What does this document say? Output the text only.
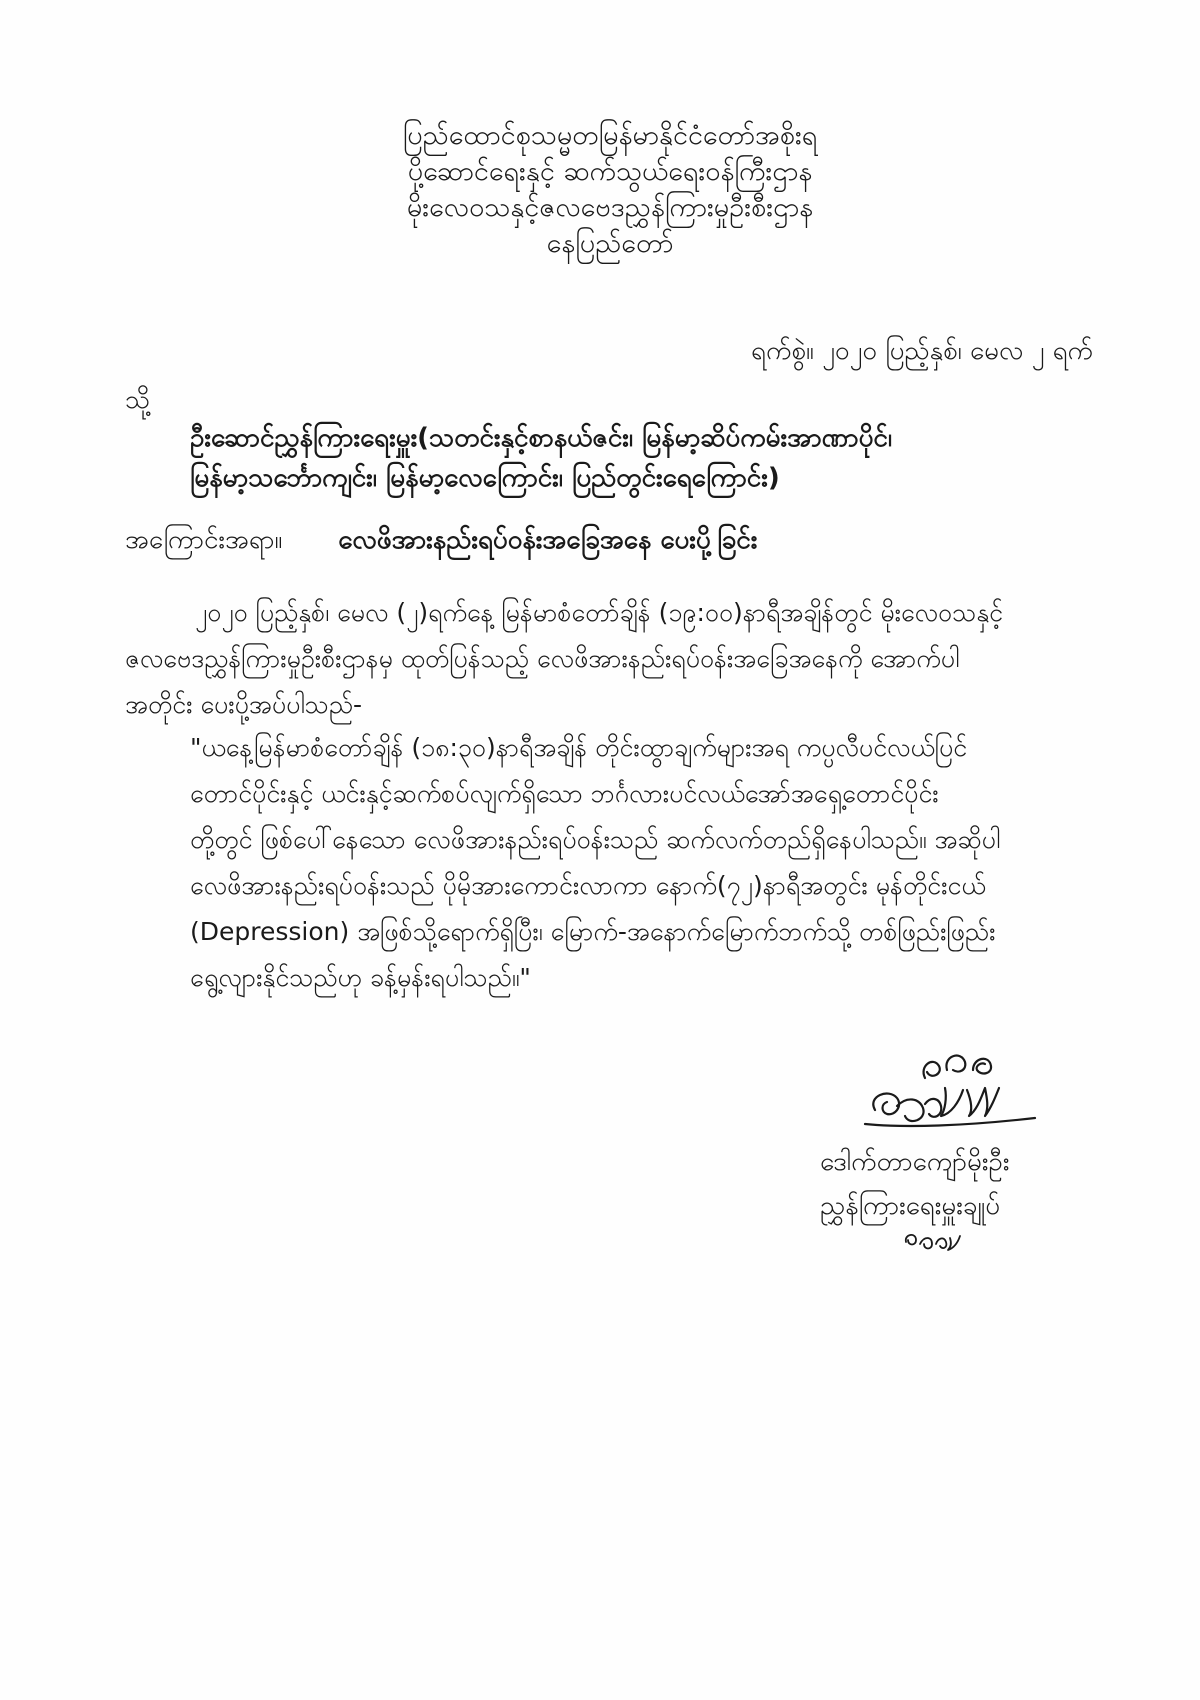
ပြည်ထောင်စုသမ္မတမြန်မာနိုင်ငံတော်အစိုးရ
ပို့ဆောင်ရေးနှင့် ဆက်သွယ်ရေးဝန်ကြီးဌာန
မိုးလေဝသနှင့်ဇလဗေဒညွှန်ကြားမှုဦးစီးဌာန
နေပြည်တော်
ရက်စွဲ။ ၂၀၂၀ ပြည့်နှစ်၊ မေလ ၂ ရက်
သို့
ဦးဆောင်ညွှန်ကြားရေးမှူး(သတင်းနှင့်စာနယ်ဇင်း၊ မြန်မာ့ဆိပ်ကမ်းအာဏာပိုင်၊
မြန်မာ့သင်္ဘောကျင်း၊ မြန်မာ့လေကြောင်း၊ ပြည်တွင်းရေကြောင်း)
အကြောင်းအရာ။ လေဖိအားနည်းရပ်ဝန်းအခြေအနေ ပေးပို့ခြင်း
၂၀၂၀ ပြည့်နှစ်၊ မေလ (၂)ရက်နေ့ မြန်မာစံတော်ချိန် (၁၉:၀၀)နာရီအချိန်တွင် မိုးလေဝသနှင့်
ဇလဗေဒညွှန်ကြားမှုဦးစီးဌာနမှ ထုတ်ပြန်သည့် လေဖိအားနည်းရပ်ဝန်းအခြေအနေကို အောက်ပါ
အတိုင်း ပေးပို့အပ်ပါသည်-
"ယနေ့မြန်မာစံတော်ချိန် (၁၈:၃၀)နာရီအချိန် တိုင်းထွာချက်များအရ ကပ္ပလီပင်လယ်ပြင်
တောင်ပိုင်းနှင့် ယင်းနှင့်ဆက်စပ်လျက်ရှိသော ဘင်္ဂလားပင်လယ်အော်အရှေ့တောင်ပိုင်း
တို့တွင် ဖြစ်ပေါ်နေသော လေဖိအားနည်းရပ်ဝန်းသည် ဆက်လက်တည်ရှိနေပါသည်။ အဆိုပါ
လေဖိအားနည်းရပ်ဝန်းသည် ပိုမိုအားကောင်းလာကာ နောက်(၇၂)နာရီအတွင်း မုန်တိုင်းငယ်
(Depression) အဖြစ်သို့ရောက်ရှိပြီး၊ မြောက်-အနောက်မြောက်ဘက်သို့ တစ်ဖြည်းဖြည်း
ရွေ့လျားနိုင်သည်ဟု ခန့်မှန်းရပါသည်။"
ဒေါက်တာကျော်မိုးဦး
ညွှန်ကြားရေးမှူးချုပ်
